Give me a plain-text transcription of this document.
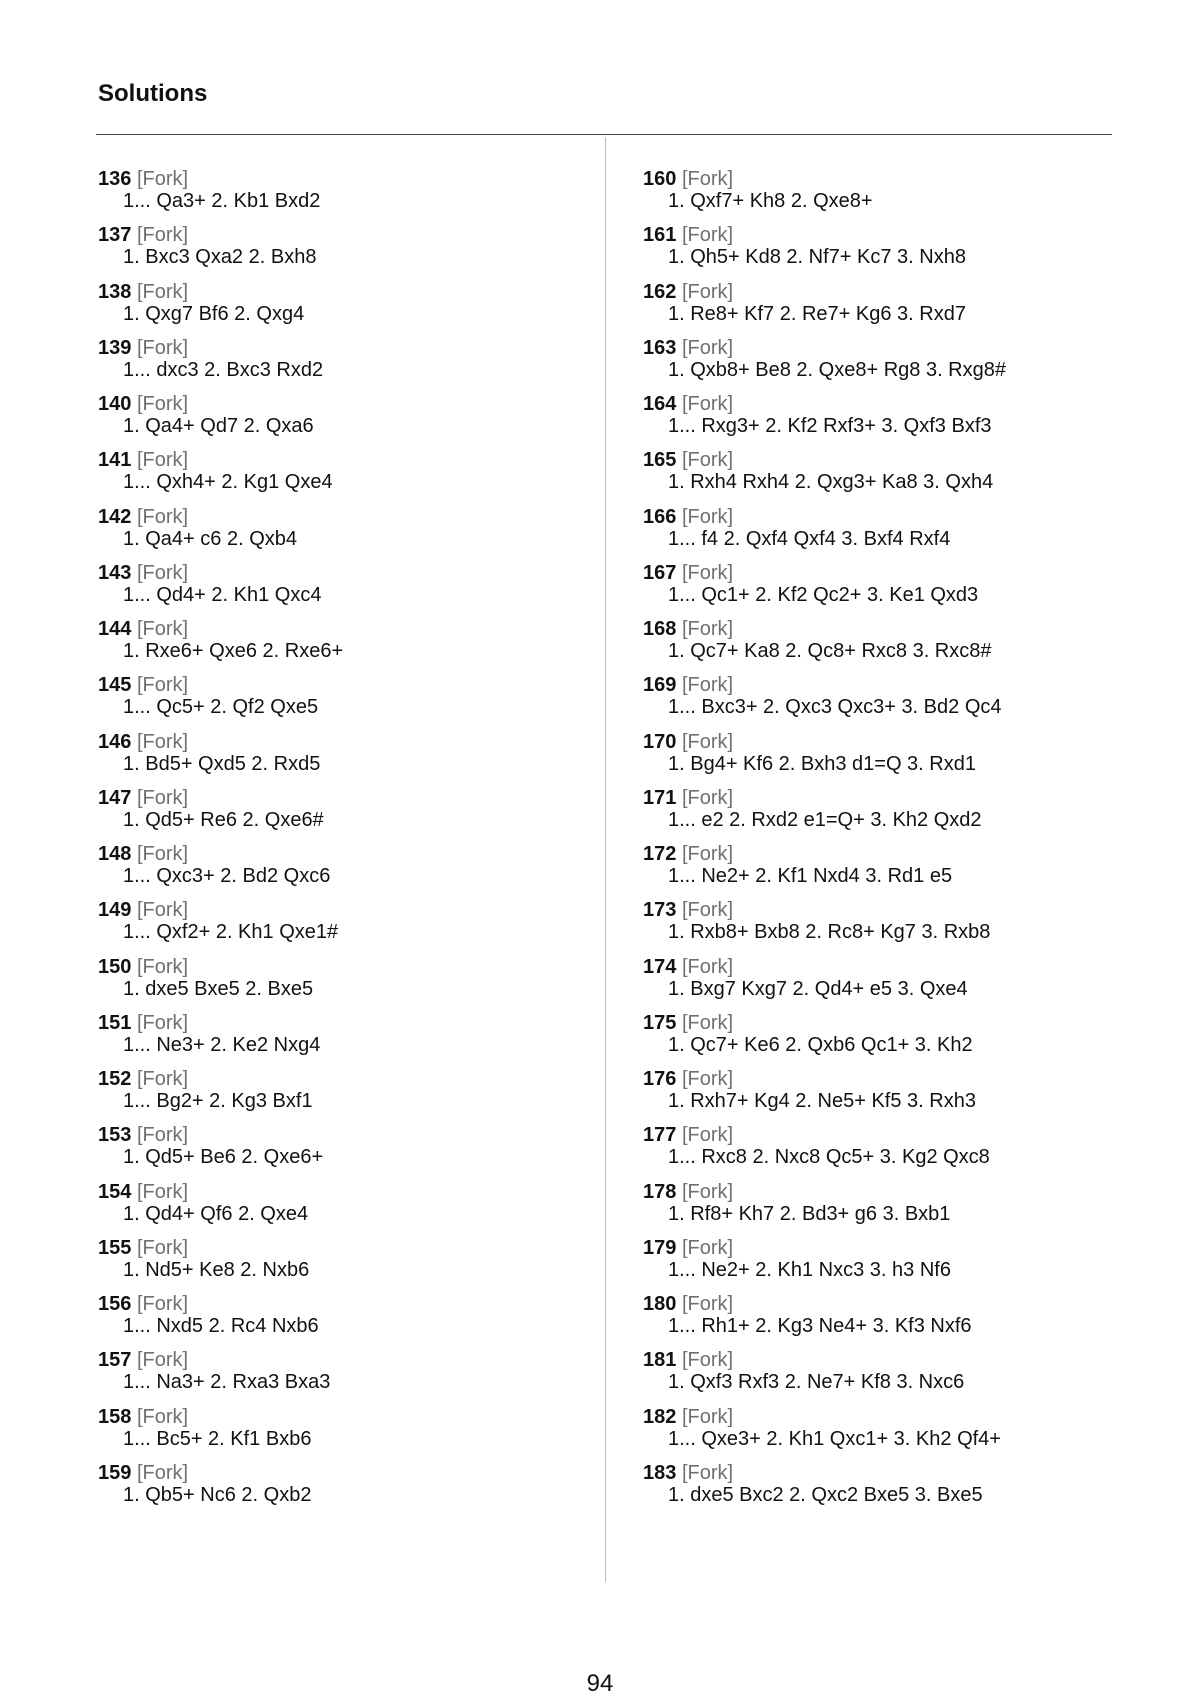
Solutions
136 [Fork]
1... Qa3+ 2. Kb1 Bxd2
137 [Fork]
1. Bxc3 Qxa2 2. Bxh8
138 [Fork]
1. Qxg7 Bf6 2. Qxg4
139 [Fork]
1... dxc3 2. Bxc3 Rxd2
140 [Fork]
1. Qa4+ Qd7 2. Qxa6
141 [Fork]
1... Qxh4+ 2. Kg1 Qxe4
142 [Fork]
1. Qa4+ c6 2. Qxb4
143 [Fork]
1... Qd4+ 2. Kh1 Qxc4
144 [Fork]
1. Rxe6+ Qxe6 2. Rxe6+
145 [Fork]
1... Qc5+ 2. Qf2 Qxe5
146 [Fork]
1. Bd5+ Qxd5 2. Rxd5
147 [Fork]
1. Qd5+ Re6 2. Qxe6#
148 [Fork]
1... Qxc3+ 2. Bd2 Qxc6
149 [Fork]
1... Qxf2+ 2. Kh1 Qxe1#
150 [Fork]
1. dxe5 Bxe5 2. Bxe5
151 [Fork]
1... Ne3+ 2. Ke2 Nxg4
152 [Fork]
1... Bg2+ 2. Kg3 Bxf1
153 [Fork]
1. Qd5+ Be6 2. Qxe6+
154 [Fork]
1. Qd4+ Qf6 2. Qxe4
155 [Fork]
1. Nd5+ Ke8 2. Nxb6
156 [Fork]
1... Nxd5 2. Rc4 Nxb6
157 [Fork]
1... Na3+ 2. Rxa3 Bxa3
158 [Fork]
1... Bc5+ 2. Kf1 Bxb6
159 [Fork]
1. Qb5+ Nc6 2. Qxb2
160 [Fork]
1. Qxf7+ Kh8 2. Qxe8+
161 [Fork]
1. Qh5+ Kd8 2. Nf7+ Kc7 3. Nxh8
162 [Fork]
1. Re8+ Kf7 2. Re7+ Kg6 3. Rxd7
163 [Fork]
1. Qxb8+ Be8 2. Qxe8+ Rg8 3. Rxg8#
164 [Fork]
1... Rxg3+ 2. Kf2 Rxf3+ 3. Qxf3 Bxf3
165 [Fork]
1. Rxh4 Rxh4 2. Qxg3+ Ka8 3. Qxh4
166 [Fork]
1... f4 2. Qxf4 Qxf4 3. Bxf4 Rxf4
167 [Fork]
1... Qc1+ 2. Kf2 Qc2+ 3. Ke1 Qxd3
168 [Fork]
1. Qc7+ Ka8 2. Qc8+ Rxc8 3. Rxc8#
169 [Fork]
1... Bxc3+ 2. Qxc3 Qxc3+ 3. Bd2 Qc4
170 [Fork]
1. Bg4+ Kf6 2. Bxh3 d1=Q 3. Rxd1
171 [Fork]
1... e2 2. Rxd2 e1=Q+ 3. Kh2 Qxd2
172 [Fork]
1... Ne2+ 2. Kf1 Nxd4 3. Rd1 e5
173 [Fork]
1. Rxb8+ Bxb8 2. Rc8+ Kg7 3. Rxb8
174 [Fork]
1. Bxg7 Kxg7 2. Qd4+ e5 3. Qxe4
175 [Fork]
1. Qc7+ Ke6 2. Qxb6 Qc1+ 3. Kh2
176 [Fork]
1. Rxh7+ Kg4 2. Ne5+ Kf5 3. Rxh3
177 [Fork]
1... Rxc8 2. Nxc8 Qc5+ 3. Kg2 Qxc8
178 [Fork]
1. Rf8+ Kh7 2. Bd3+ g6 3. Bxb1
179 [Fork]
1... Ne2+ 2. Kh1 Nxc3 3. h3 Nf6
180 [Fork]
1... Rh1+ 2. Kg3 Ne4+ 3. Kf3 Nxf6
181 [Fork]
1. Qxf3 Rxf3 2. Ne7+ Kf8 3. Nxc6
182 [Fork]
1... Qxe3+ 2. Kh1 Qxc1+ 3. Kh2 Qf4+
183 [Fork]
1. dxe5 Bxc2 2. Qxc2 Bxe5 3. Bxe5
94
